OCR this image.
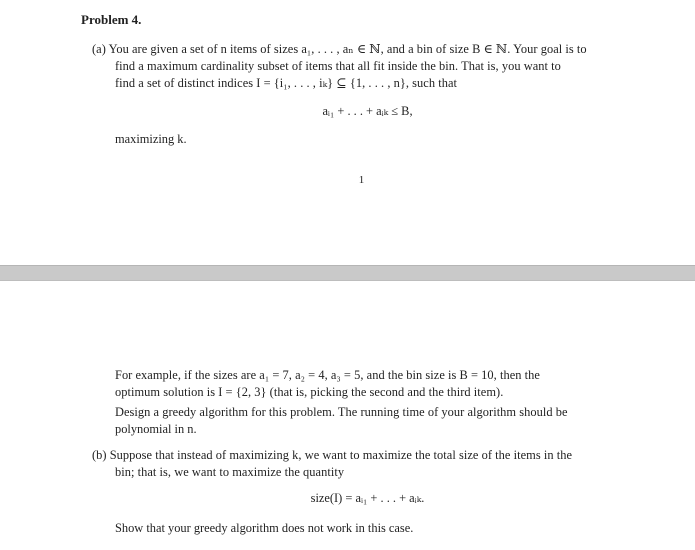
Problem 4.
(a) You are given a set of n items of sizes a₁, . . . , aₙ ∈ ℕ, and a bin of size B ∈ ℕ. Your goal is to
find a maximum cardinality subset of items that all fit inside the bin. That is, you want to
find a set of distinct indices I = {i₁, . . . , iₖ} ⊆ {1, . . . , n}, such that
aᵢ₁ + . . . + aᵢₖ ≤ B,
maximizing k.
1
For example, if the sizes are a₁ = 7, a₂ = 4, a₃ = 5, and the bin size is B = 10, then the
optimum solution is I = {2, 3} (that is, picking the second and the third item).
Design a greedy algorithm for this problem. The running time of your algorithm should be
polynomial in n.
(b) Suppose that instead of maximizing k, we want to maximize the total size of the items in the
bin; that is, we want to maximize the quantity
size(I) = aᵢ₁ + . . . + aᵢₖ.
Show that your greedy algorithm does not work in this case.
